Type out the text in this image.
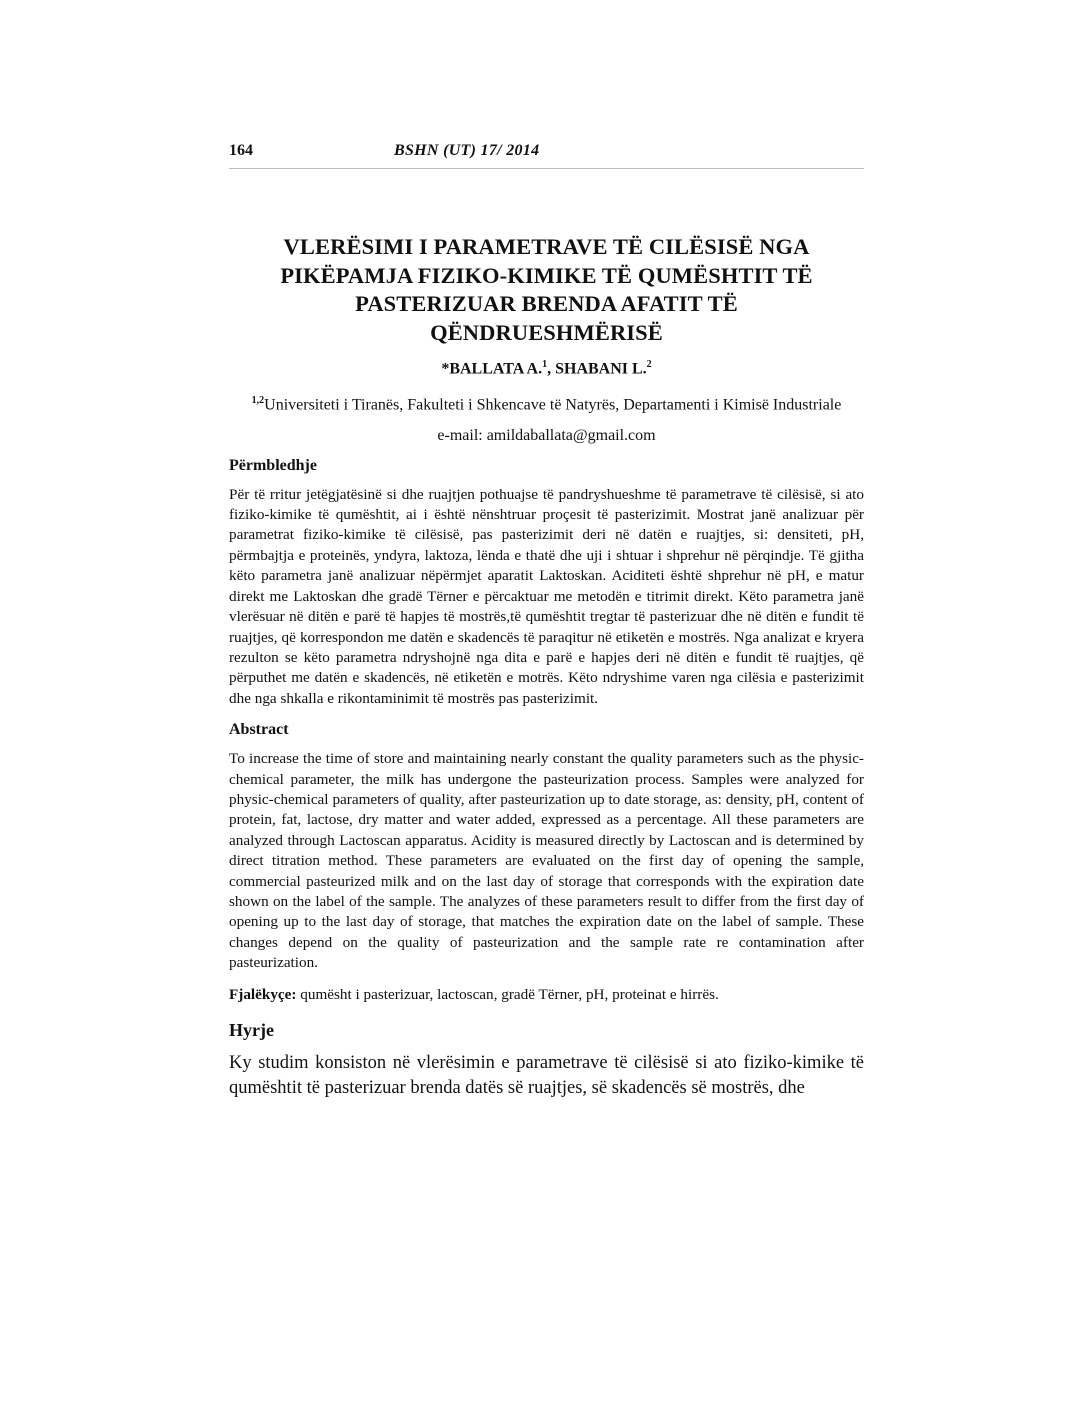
164	BSHN (UT) 17/ 2014
VLERËSIMI I PARAMETRAVE TË CILËSISË NGA
PIKËPAMJA FIZIKO-KIMIKE TË QUMËSHTIT TË
PASTERIZUAR BRENDA AFATIT TË
QËNDRUESHMËRISË
*BALLATA A.$^1$, SHABANI L.$^2$
$^{1,2}$Universiteti i Tiranës, Fakulteti i Shkencave të Natyrës, Departamenti i Kimisë Industriale
e-mail: amildaballata@gmail.com
Përmbledhje
Për të rritur jetëgjatësinë si dhe ruajtjen pothuajse të pandryshueshme të parametrave të cilësisë, si ato fiziko-kimike të qumështit, ai i është nënshtruar proçesit të pasterizimit. Mostrat janë analizuar për parametrat fiziko-kimike të cilësisë, pas pasterizimit deri në datën e ruajtjes, si: densiteti, pH, përmbajtja e proteinës, yndyra, laktoza, lënda e thatë dhe uji i shtuar i shprehur në përqindje. Të gjitha këto parametra janë analizuar nëpërmjet aparatit Laktoskan. Aciditeti është shprehur në pH, e matur direkt me Laktoskan dhe gradë Tërner e përcaktuar me metodën e titrimit direkt. Këto parametra janë vlerësuar në ditën e parë të hapjes të mostrës,të qumështit tregtar të pasterizuar dhe në ditën e fundit të ruajtjes, që korrespondon me datën e skadencës të paraqitur në etiketën e mostrës. Nga analizat e kryera rezulton se këto parametra ndryshojnë nga dita e parë e hapjes deri në ditën e fundit të ruajtjes, që përputhet me datën e skadencës, në etiketën e motrës. Këto ndryshime varen nga cilësia e pasterizimit dhe nga shkalla e rikontaminimit të mostrës pas pasterizimit.
Abstract
To increase the time of store and maintaining nearly constant the quality parameters such as the physic-chemical parameter, the milk has undergone the pasteurization process. Samples were analyzed for physic-chemical parameters of quality, after pasteurization up to date storage, as: density, pH, content of protein, fat, lactose, dry matter and water added, expressed as a percentage. All these parameters are analyzed through Lactoscan apparatus. Acidity is measured directly by Lactoscan and is determined by direct titration method. These parameters are evaluated on the first day of opening the sample, commercial pasteurized milk and on the last day of storage that corresponds with the expiration date shown on the label of the sample. The analyzes of these parameters result to differ from the first day of opening up to the last day of storage, that matches the expiration date on the label of sample. These changes depend on the quality of pasteurization and the sample rate re contamination after pasteurization.
Fjalëkyçe: qumësht i pasterizuar, lactoscan, gradë Tërner, pH, proteinat e hirrës.
Hyrje
Ky studim konsiston në vlerësimin e parametrave të cilësisë si ato fiziko-kimike të qumështit të pasterizuar brenda datës së ruajtjes, së skadencës së mostrës, dhe
